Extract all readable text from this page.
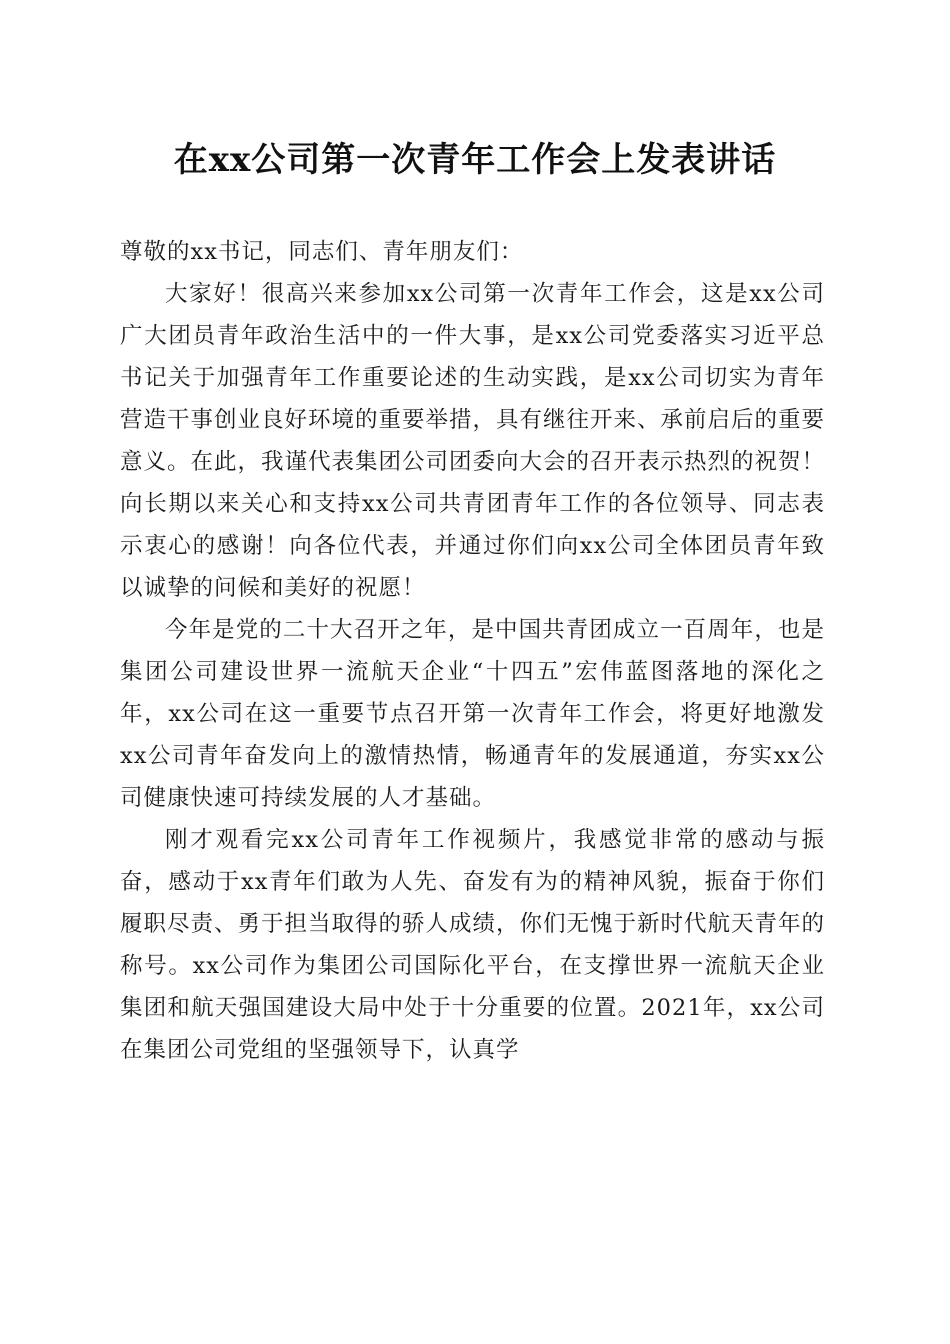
在xx公司第一次青年工作会上发表讲话

尊敬的xx书记，同志们、青年朋友们：

大家好！很高兴来参加xx公司第一次青年工作会，这是xx公司广大团员青年政治生活中的一件大事，是xx公司党委落实习近平总书记关于加强青年工作重要论述的生动实践，是xx公司切实为青年营造干事创业良好环境的重要举措，具有继往开来、承前启后的重要意义。在此，我谨代表集团公司团委向大会的召开表示热烈的祝贺！向长期以来关心和支持xx公司共青团青年工作的各位领导、同志表示衷心的感谢！向各位代表，并通过你们向xx公司全体团员青年致以诚挚的问候和美好的祝愿！

今年是党的二十大召开之年，是中国共青团成立一百周年，也是集团公司建设世界一流航天企业“十四五”宏伟蓝图落地的深化之年，xx公司在这一重要节点召开第一次青年工作会，将更好地激发xx公司青年奋发向上的激情热情，畅通青年的发展通道，夯实xx公司健康快速可持续发展的人才基础。

刚才观看完xx公司青年工作视频片，我感觉非常的感动与振奋，感动于xx青年们敢为人先、奋发有为的精神风貌，振奋于你们履职尽责、勇于担当取得的骄人成绩，你们无愧于新时代航天青年的称号。xx公司作为集团公司国际化平台，在支撑世界一流航天企业集团和航天强国建设大局中处于十分重要的位置。2021年，xx公司在集团公司党组的坚强领导下，认真学
